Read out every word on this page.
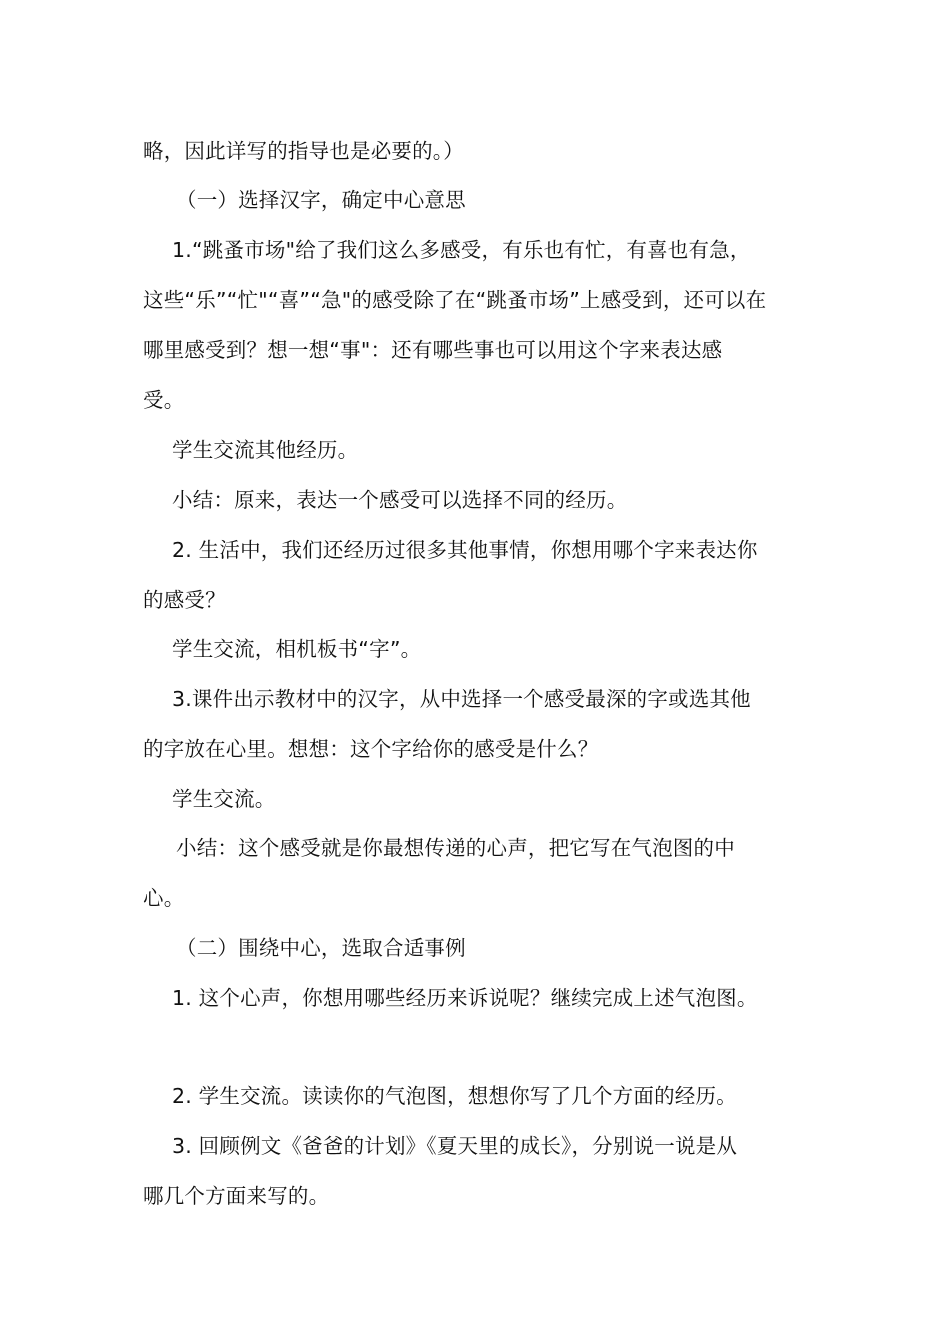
略，因此详写的指导也是必要的。）
（一）选择汉字，确定中心意思
1.“跳蚤市场"给了我们这么多感受，有乐也有忙，有喜也有急，
这些“乐”“忙"“喜”“急"的感受除了在“跳蚤市场”上感受到，还可以在
哪里感受到？想一想“事"：还有哪些事也可以用这个字来表达感
受。
学生交流其他经历。
小结：原来，表达一个感受可以选择不同的经历。
2. 生活中，我们还经历过很多其他事情，你想用哪个字来表达你
的感受？
学生交流，相机板书“字”。
3.课件出示教材中的汉字，从中选择一个感受最深的字或选其他
的字放在心里。想想：这个字给你的感受是什么？
学生交流。
小结：这个感受就是你最想传递的心声，把它写在气泡图的中
心。
（二）围绕中心，选取合适事例
1. 这个心声，你想用哪些经历来诉说呢？继续完成上述气泡图。
2. 学生交流。读读你的气泡图，想想你写了几个方面的经历。
3. 回顾例文《爸爸的计划》《夏天里的成长》，分别说一说是从
哪几个方面来写的。
